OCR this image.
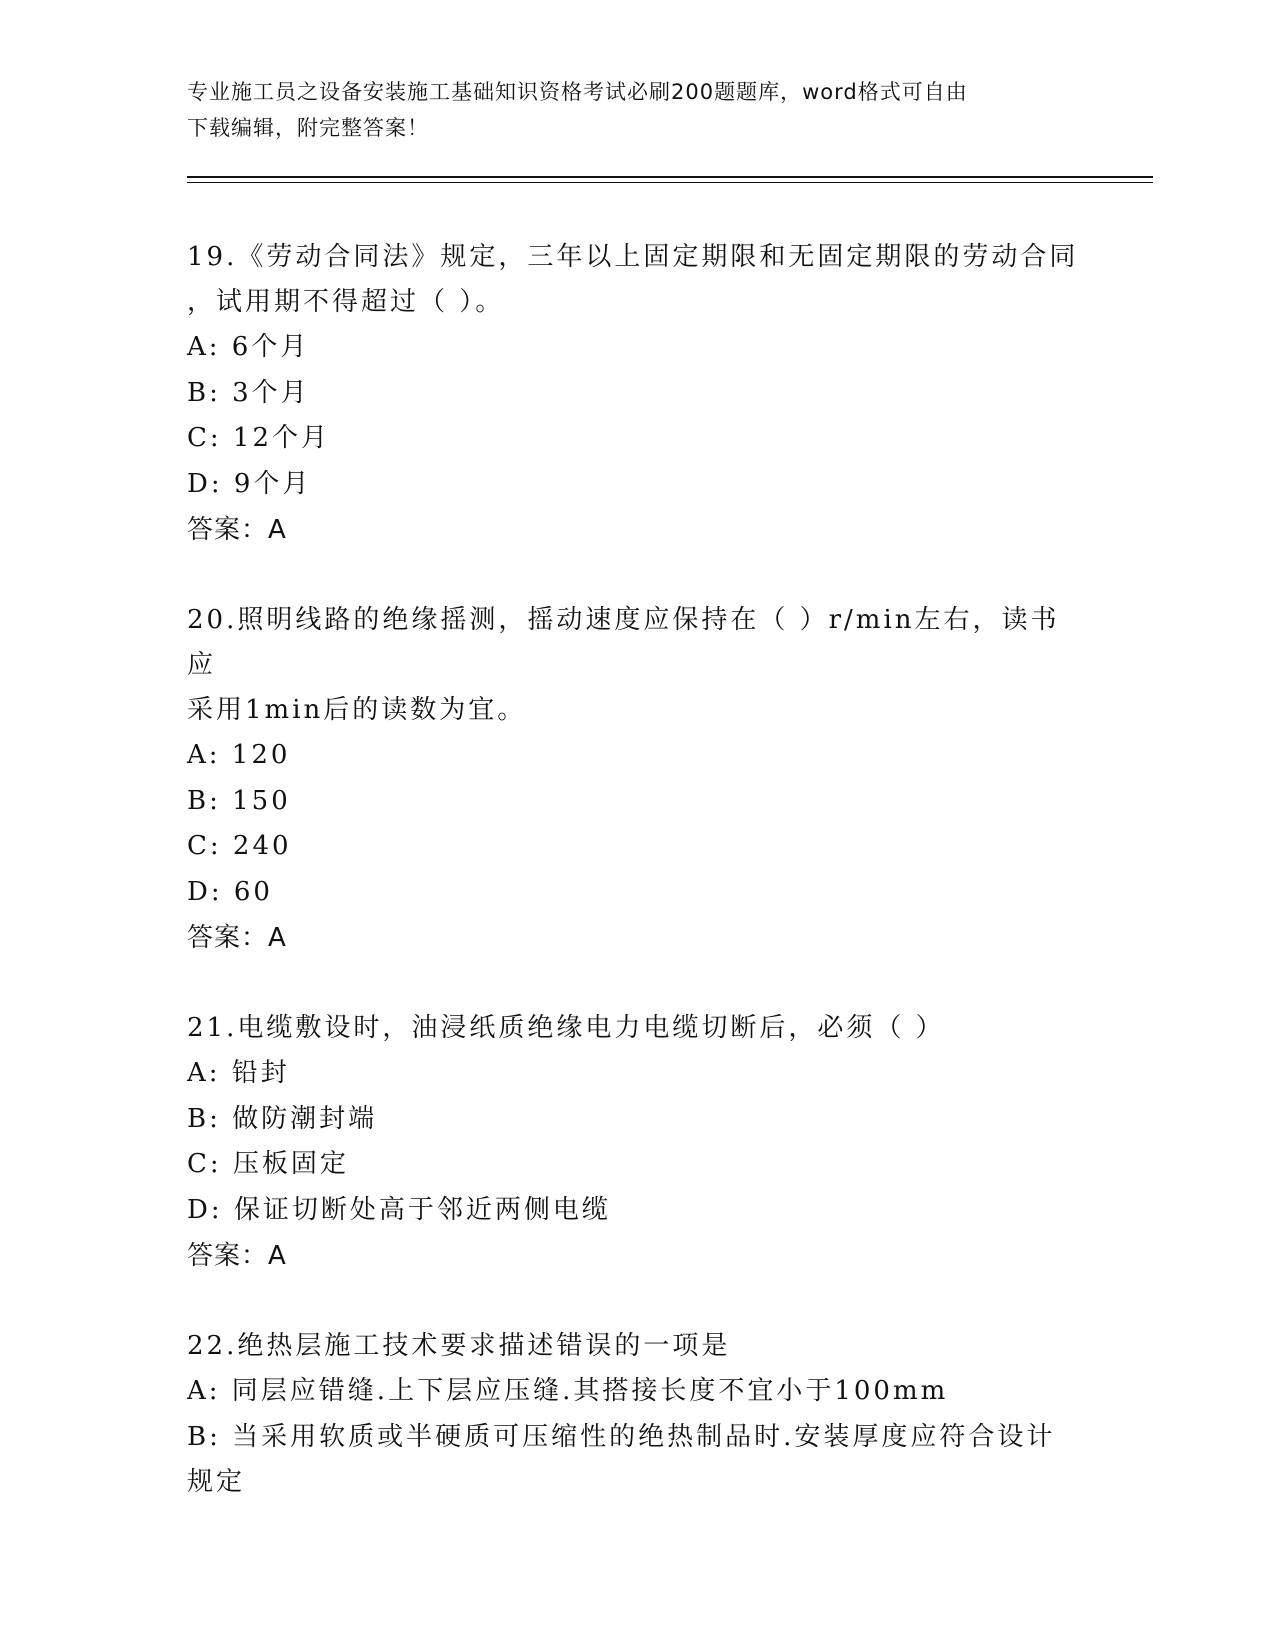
专业施工员之设备安装施工基础知识资格考试必刷200题题库，word格式可自由
下载编辑，附完整答案！
19.《劳动合同法》规定，三年以上固定期限和无固定期限的劳动合同
，试用期不得超过（ ）。
A: 6个月
B: 3个月
C: 12个月
D: 9个月
答案：A
20.照明线路的绝缘摇测，摇动速度应保持在（ ）r/min左右，读书应
采用1min后的读数为宜。
A: 120
B: 150
C: 240
D: 60
答案：A
21.电缆敷设时，油浸纸质绝缘电力电缆切断后，必须（ ）
A: 铅封
B: 做防潮封端
C: 压板固定
D: 保证切断处高于邻近两侧电缆
答案：A
22.绝热层施工技术要求描述错误的一项是
A: 同层应错缝.上下层应压缝.其搭接长度不宜小于100mm
B: 当采用软质或半硬质可压缩性的绝热制品时.安装厚度应符合设计
规定
